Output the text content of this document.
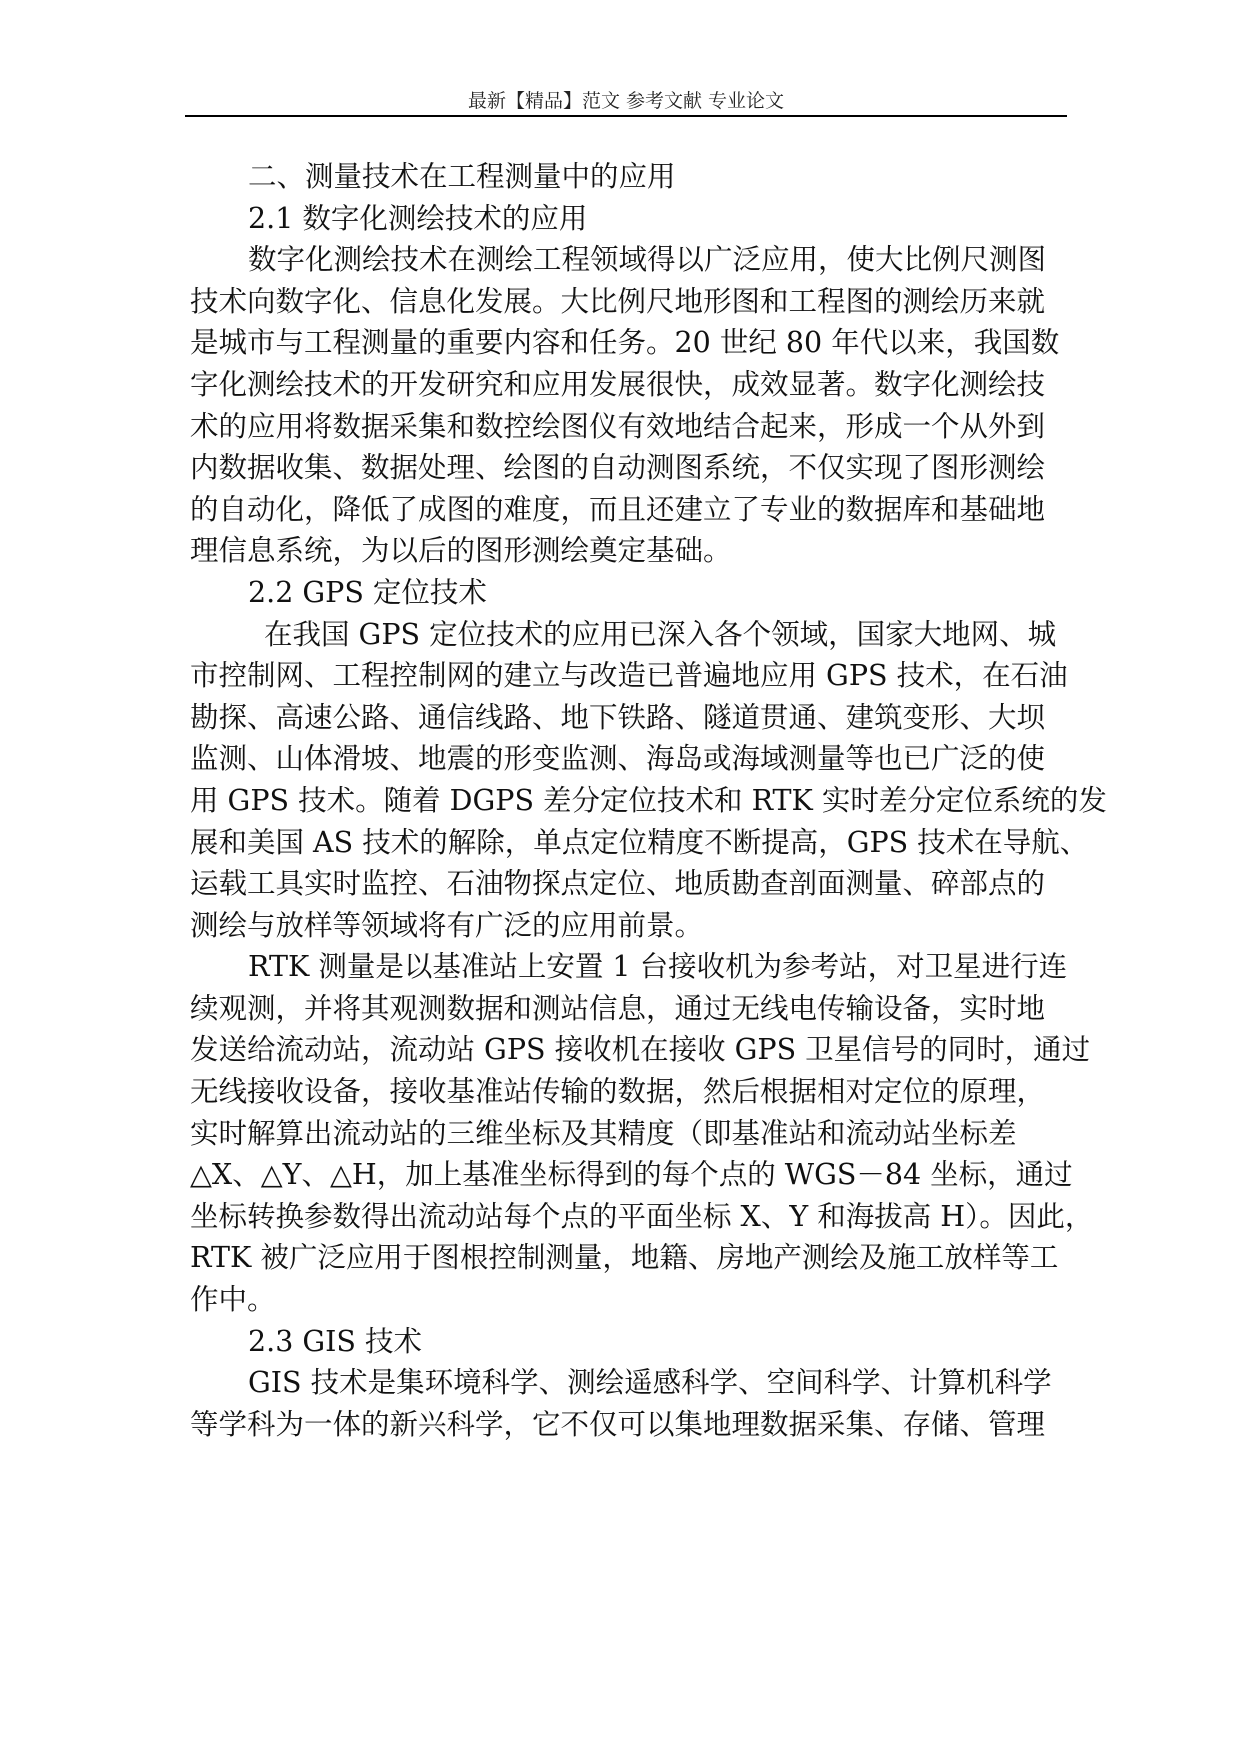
最新【精品】范文 参考文献 专业论文
二、测量技术在工程测量中的应用
2.1 数字化测绘技术的应用
数字化测绘技术在测绘工程领域得以广泛应用，使大比例尺测图
技术向数字化、信息化发展。大比例尺地形图和工程图的测绘历来就
是城市与工程测量的重要内容和任务。20 世纪 80 年代以来，我国数
字化测绘技术的开发研究和应用发展很快，成效显著。数字化测绘技
术的应用将数据采集和数控绘图仪有效地结合起来，形成一个从外到
内数据收集、数据处理、绘图的自动测图系统，不仅实现了图形测绘
的自动化，降低了成图的难度，而且还建立了专业的数据库和基础地
理信息系统，为以后的图形测绘奠定基础。
2.2 GPS 定位技术
在我国 GPS 定位技术的应用已深入各个领域，国家大地网、城
市控制网、工程控制网的建立与改造已普遍地应用 GPS 技术，在石油
勘探、高速公路、通信线路、地下铁路、隧道贯通、建筑变形、大坝
监测、山体滑坡、地震的形变监测、海岛或海域测量等也已广泛的使
用 GPS 技术。随着 DGPS 差分定位技术和 RTK 实时差分定位系统的发
展和美国 AS 技术的解除，单点定位精度不断提高，GPS 技术在导航、
运载工具实时监控、石油物探点定位、地质勘查剖面测量、碎部点的
测绘与放样等领域将有广泛的应用前景。
RTK 测量是以基准站上安置 1 台接收机为参考站，对卫星进行连
续观测，并将其观测数据和测站信息，通过无线电传输设备，实时地
发送给流动站，流动站 GPS 接收机在接收 GPS 卫星信号的同时，通过
无线接收设备，接收基准站传输的数据，然后根据相对定位的原理，
实时解算出流动站的三维坐标及其精度（即基准站和流动站坐标差
△X、△Y、△H，加上基准坐标得到的每个点的 WGS－84 坐标，通过
坐标转换参数得出流动站每个点的平面坐标 X、Y 和海拔高 H）。因此，
RTK 被广泛应用于图根控制测量，地籍、房地产测绘及施工放样等工
作中。
2.3 GIS 技术
GIS 技术是集环境科学、测绘遥感科学、空间科学、计算机科学
等学科为一体的新兴科学，它不仅可以集地理数据采集、存储、管理
